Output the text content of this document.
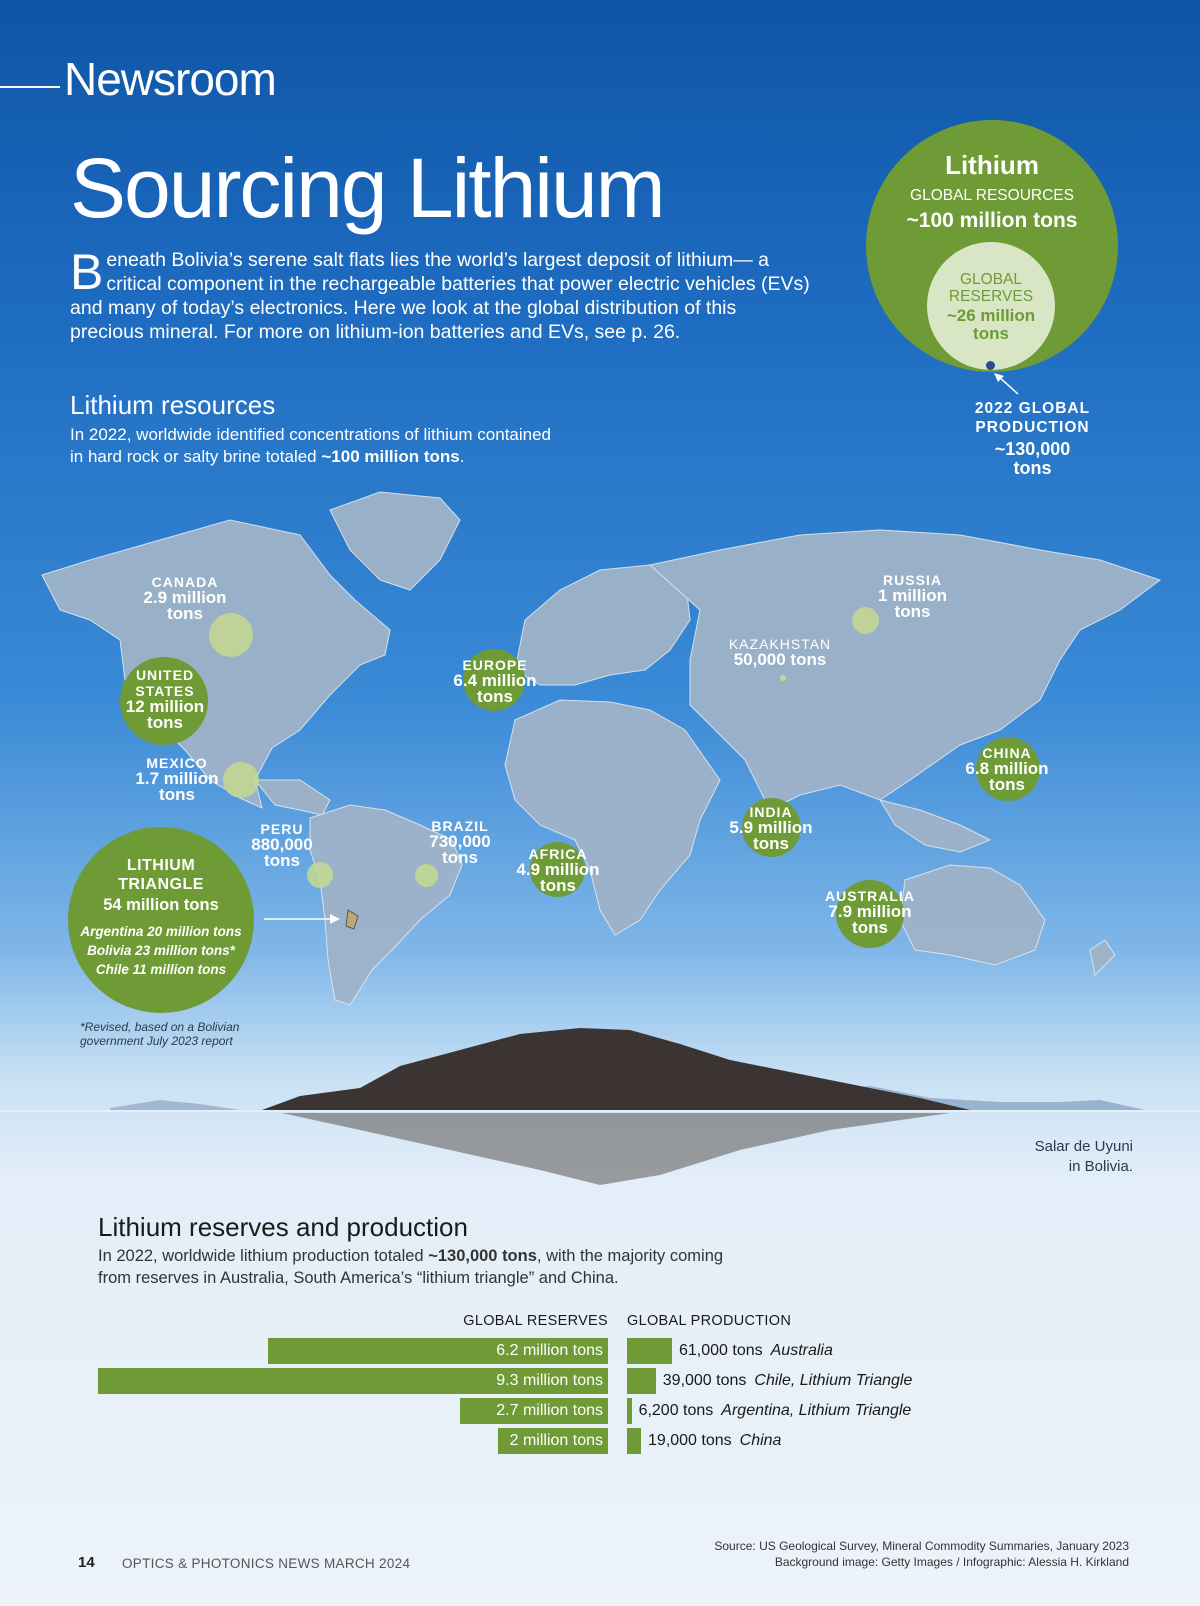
Newsroom
Sourcing Lithium
Beneath Bolivia’s serene salt flats lies the world’s largest deposit of lithium— a critical component in the rechargeable batteries that power electric vehicles (EVs) and many of today’s electronics. Here we look at the global distribution of this precious mineral. For more on lithium-ion batteries and EVs, see p. 26.
Lithium
GLOBAL RESOURCES
~100 million tons
GLOBAL
RESERVES
~26 million
tons
2022 GLOBAL
PRODUCTION
~130,000
tons
Lithium resources
In 2022, worldwide identified concentrations of lithium contained
in hard rock or salty brine totaled ~100 million tons.
CANADA
2.9 million
tons
UNITED
STATES
12 million
tons
MEXICO
1.7 million
tons
PERU
880,000
tons
BRAZIL
730,000
tons
EUROPE
6.4 million
tons
AFRICA
4.9 million
tons
KAZAKHSTAN
50,000 tons
RUSSIA
1 million
tons
INDIA
5.9 million
tons
CHINA
6.8 million
tons
AUSTRALIA
7.9 million
tons
LITHIUM
TRIANGLE
54 million tons
Argentina 20 million tons
Bolivia 23 million tons*
Chile 11 million tons
*Revised, based on a Bolivian
government July 2023 report
Salar de Uyuni
in Bolivia.
Lithium reserves and production
In 2022, worldwide lithium production totaled ~130,000 tons, with the majority coming
from reserves in Australia, South America’s “lithium triangle” and China.
GLOBAL RESERVES GLOBAL PRODUCTION
6.2 million tons	61,000 tons Australia
9.3 million tons	39,000 tons Chile, Lithium Triangle
2.7 million tons 6,200 tons Argentina, Lithium Triangle
2 million tons	19,000 tons China
14 OPTICS & PHOTONICS NEWS MARCH 2024
Source: US Geological Survey, Mineral Commodity Summaries, January 2023
Background image: Getty Images / Infographic: Alessia H. Kirkland
